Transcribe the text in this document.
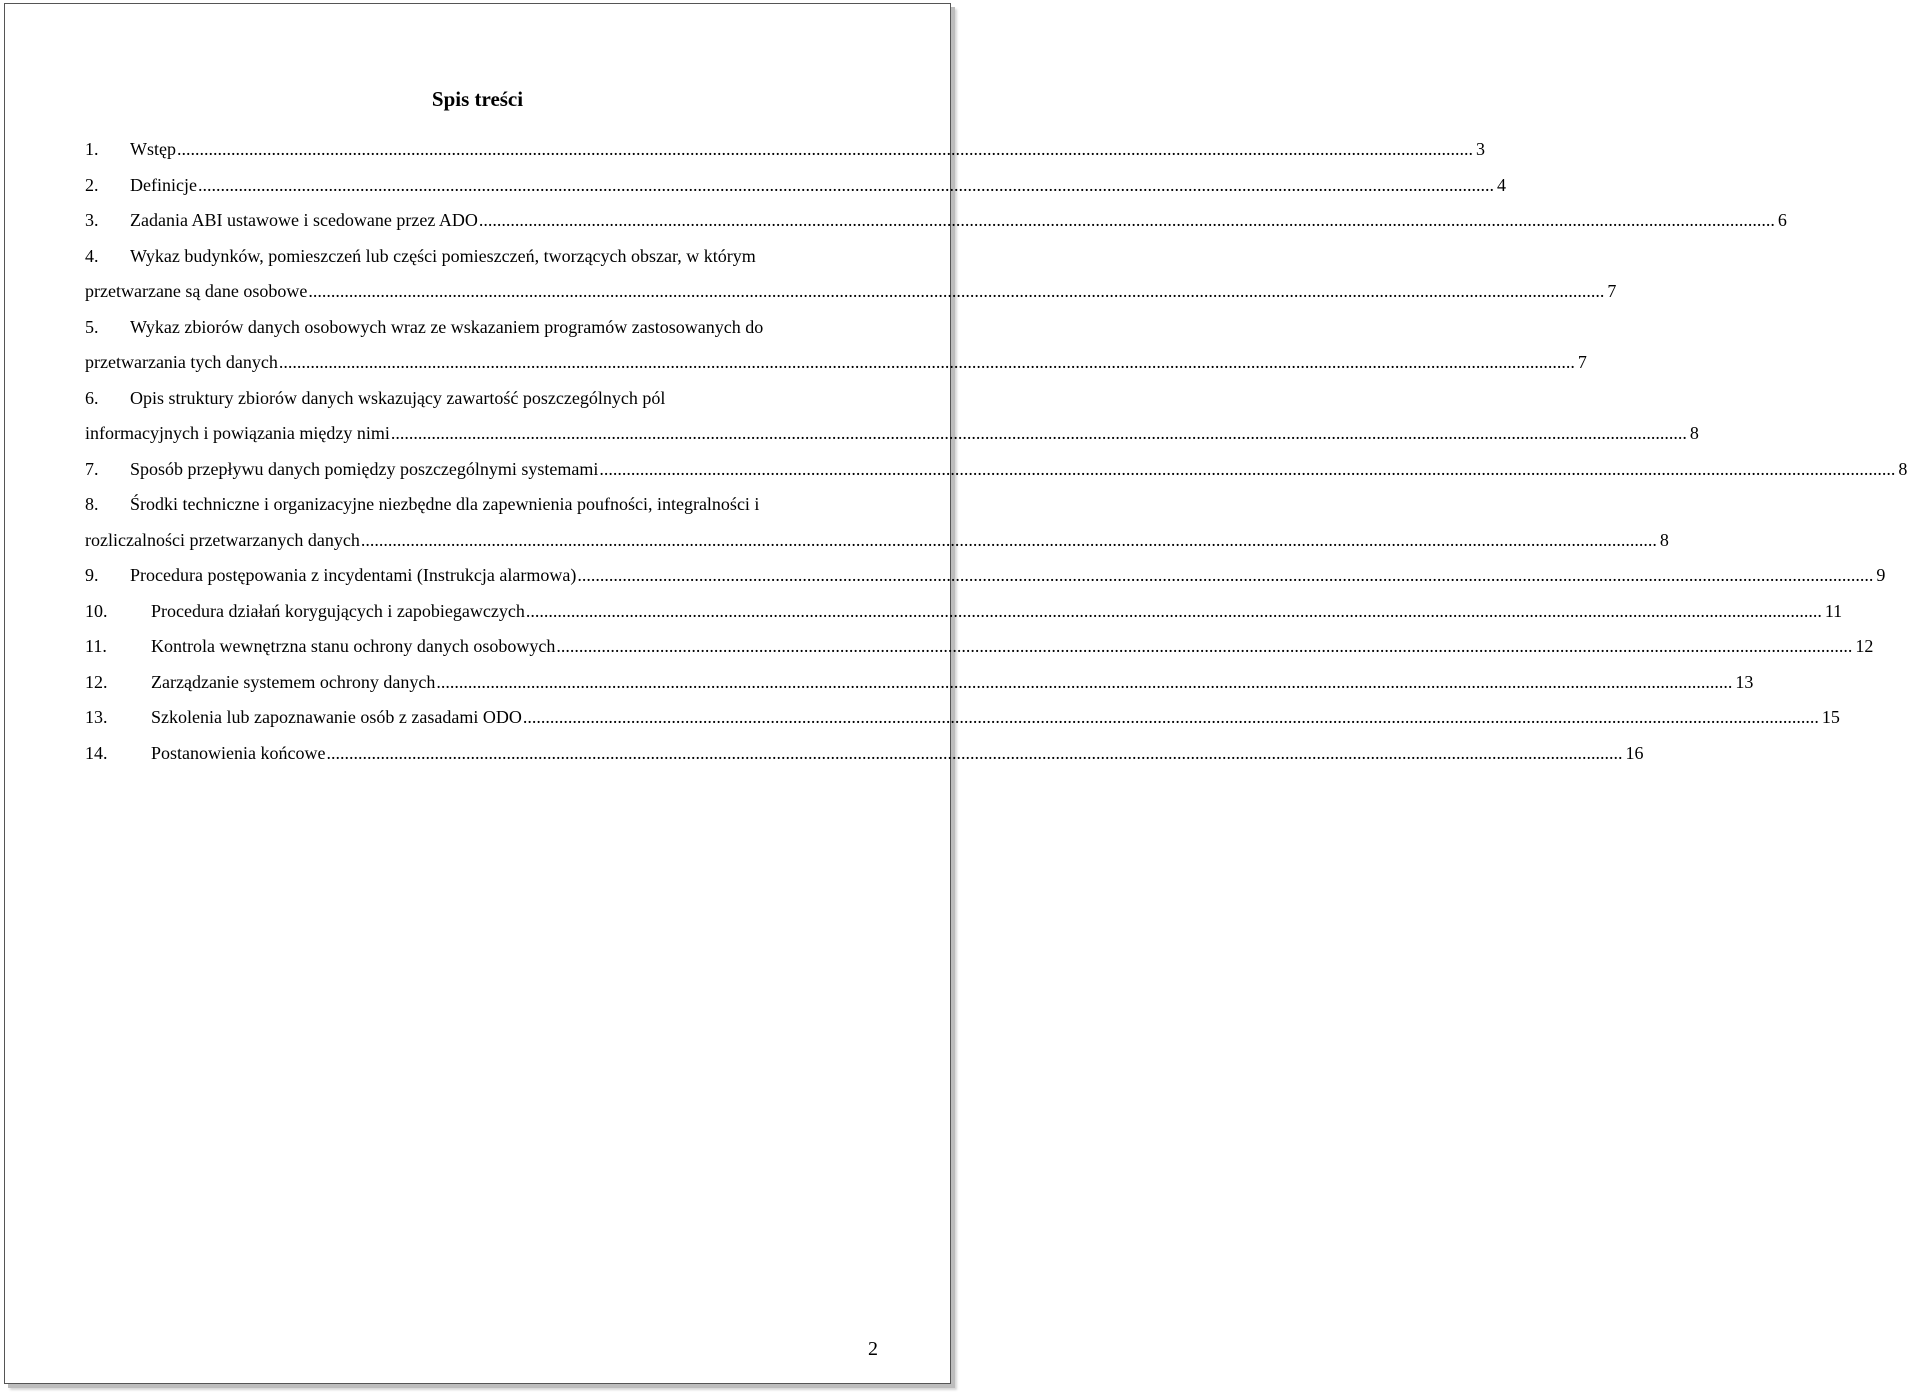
Spis treści
1.	Wstęp .....	3
2.	Definicje .....	4
3.	Zadania ABI ustawowe i scedowane przez ADO .....	6
4.	Wykaz budynków, pomieszczeń lub części pomieszczeń, tworzących obszar, w którym
przetwarzane są dane osobowe .....	7
5.	Wykaz zbiorów danych osobowych wraz ze wskazaniem programów zastosowanych do
przetwarzania tych danych .....	7
6.	Opis struktury zbiorów danych wskazujący zawartość poszczególnych pól
informacyjnych i powiązania między nimi .....	8
7.	Sposób przepływu danych pomiędzy poszczególnymi systemami .....	8
8.	Środki techniczne i organizacyjne niezbędne dla zapewnienia poufności, integralności i
rozliczalności przetwarzanych danych .....	8
9.	Procedura postępowania z incydentami (Instrukcja alarmowa) .....	9
10.	Procedura działań korygujących i zapobiegawczych .....	11
11.	Kontrola wewnętrzna stanu ochrony danych osobowych .....	12
12.	Zarządzanie systemem ochrony danych .....	13
13.	Szkolenia lub zapoznawanie osób z zasadami ODO .....	15
14.	Postanowienia końcowe .....	16
2
